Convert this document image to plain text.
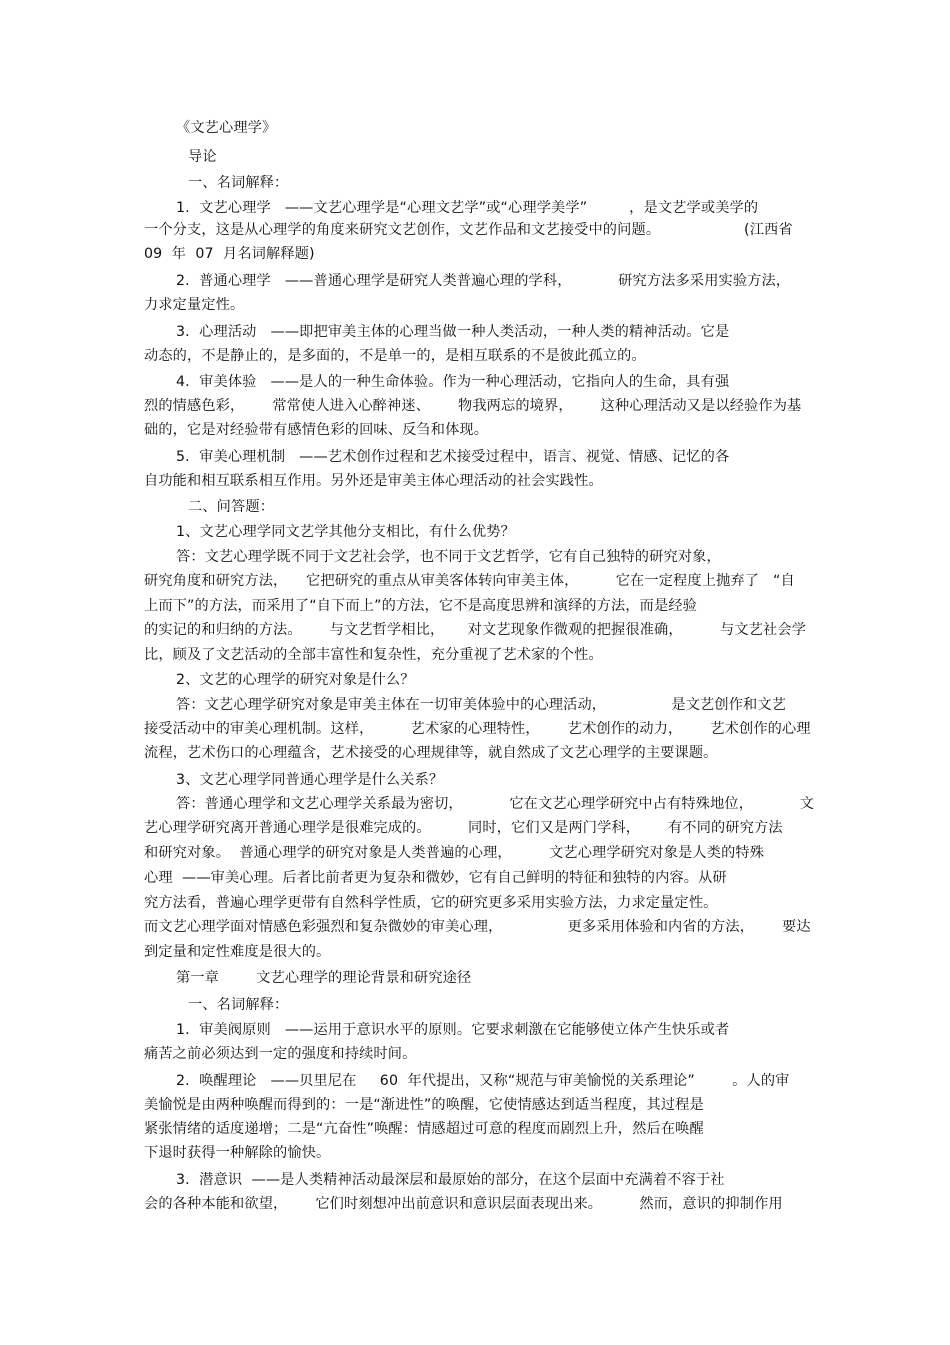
《文艺心理学》
导论
一、名词解释：
1.  文艺心理学   ——文艺心理学是“心理文艺学”或“心理学美学”         ，是文艺学或美学的
一个分支，这是从心理学的角度来研究文艺创作，文艺作品和文艺接受中的问题。                  (江西省
09  年  07  月名词解释题)
2.  普通心理学   ——普通心理学是研究人类普遍心理的学科，          研究方法多采用实验方法，
力求定量定性。
3.  心理活动   ——即把审美主体的心理当做一种人类活动，一种人类的精神活动。它是
动态的，不是静止的，是多面的，不是单一的，是相互联系的不是彼此孤立的。
4.  审美体验   ——是人的一种生命体验。作为一种心理活动，它指向人的生命，具有强
烈的情感色彩，      常常使人进入心醉神迷、      物我两忘的境界，      这种心理活动又是以经验作为基
础的，它是对经验带有感情色彩的回味、反刍和体现。
5.  审美心理机制   ——艺术创作过程和艺术接受过程中，语言、视觉、情感、记忆的各
自功能和相互联系相互作用。另外还是审美主体心理活动的社会实践性。
二、问答题：
1、文艺心理学同文艺学其他分支相比，有什么优势？
答：文艺心理学既不同于文艺社会学，也不同于文艺哲学，它有自己独特的研究对象，
研究角度和研究方法，    它把研究的重点从审美客体转向审美主体，        它在一定程度上抛弃了   “自
上而下”的方法，而采用了“自下而上”的方法，它不是高度思辨和演绎的方法，而是经验
的实记的和归纳的方法。      与文艺哲学相比，     对文艺现象作微观的把握很准确，        与文艺社会学
比，顾及了文艺活动的全部丰富性和复杂性，充分重视了艺术家的个性。
2、文艺的心理学的研究对象是什么？
答：文艺心理学研究对象是审美主体在一切审美体验中的心理活动，              是文艺创作和文艺
接受活动中的审美心理机制。这样，        艺术家的心理特性，      艺术创作的动力，      艺术创作的心理
流程，艺术伤口的心理蕴含，艺术接受的心理规律等，就自然成了文艺心理学的主要课题。
3、文艺心理学同普通心理学是什么关系？
答：普通心理学和文艺心理学关系最为密切，          它在文艺心理学研究中占有特殊地位，          文
艺心理学研究离开普通心理学是很难完成的。        同时，它们又是两门学科，      有不同的研究方法
和研究对象。  普通心理学的研究对象是人类普遍的心理，        文艺心理学研究对象是人类的特殊
心理  ——审美心理。后者比前者更为复杂和微妙，它有自己鲜明的特征和独特的内容。从研
究方法看，普遍心理学更带有自然科学性质，它的研究更多采用实验方法，力求定量定性。
而文艺心理学面对情感色彩强烈和复杂微妙的审美心理，              更多采用体验和内省的方法，      要达
到定量和定性难度是很大的。
第一章        文艺心理学的理论背景和研究途径
一、名词解释：
1.  审美阀原则   ——运用于意识水平的原则。它要求刺激在它能够使立体产生快乐或者
痛苦之前必须达到一定的强度和持续时间。
2.  唤醒理论   ——贝里尼在     60  年代提出，又称“规范与审美愉悦的关系理论”        。人的审
美愉悦是由两种唤醒而得到的：一是“渐进性”的唤醒，它使情感达到适当程度，其过程是
紧张情绪的适度递增；二是“亢奋性”唤醒：情感超过可意的程度而剧烈上升，然后在唤醒
下退时获得一种解除的愉快。
3.  潜意识  ——是人类精神活动最深层和最原始的部分，在这个层面中充满着不容于社
会的各种本能和欲望，      它们时刻想冲出前意识和意识层面表现出来。        然而，意识的抑制作用
